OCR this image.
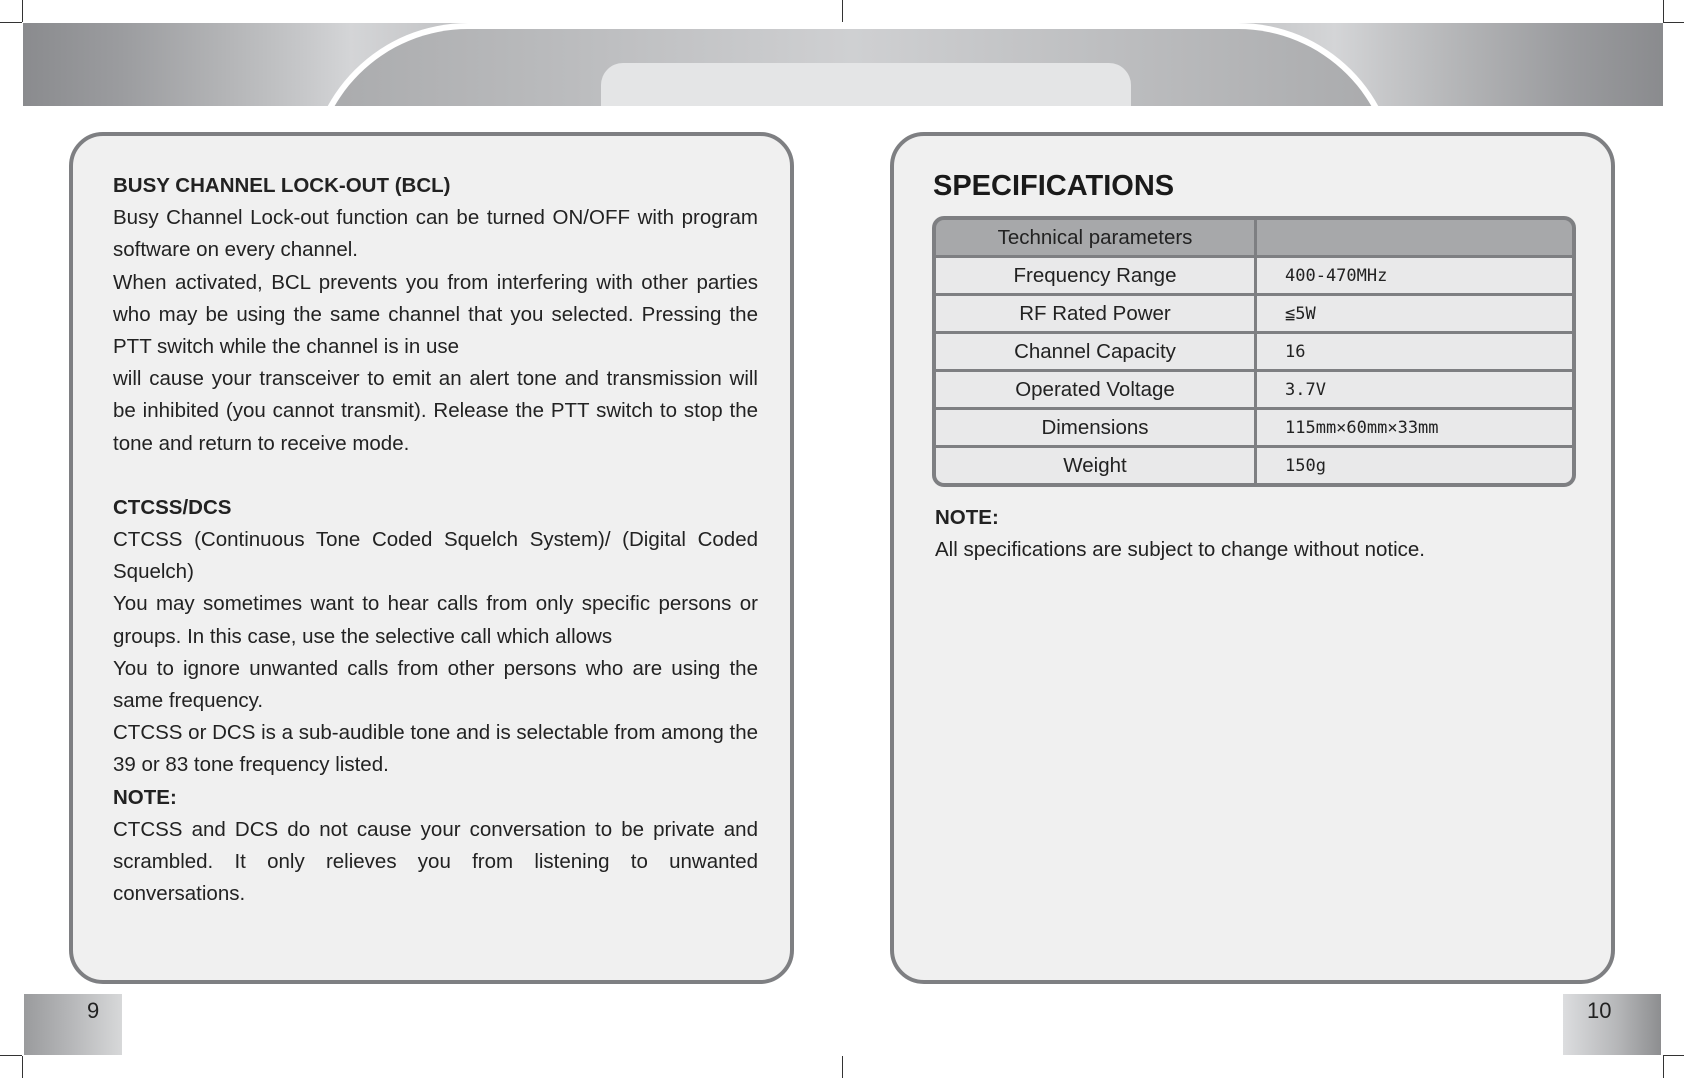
BUSY CHANNEL LOCK-OUT (BCL)

Busy Channel Lock-out function can be turned ON/OFF with program software on every channel.

When activated, BCL prevents you from interfering with other parties who may be using the same channel that you selected. Pressing the PTT switch while the channel is in use

will cause your transceiver to emit an alert tone and transmission will be inhibited (you cannot transmit). Release the PTT switch to stop the tone and return to receive mode.

CTCSS/DCS

CTCSS (Continuous Tone Coded Squelch System)/ (Digital Coded Squelch)

You may sometimes want to hear calls from only specific persons or groups. In this case, use the selective call which allows

You to ignore unwanted calls from other persons who are using the same frequency.

CTCSS or DCS is a sub-audible tone and is selectable from among the 39 or 83 tone frequency listed.

NOTE:

CTCSS and DCS do not cause your conversation to be private and scrambled. It only relieves you from listening to unwanted conversations.

SPECIFICATIONS
Technical parameters
Frequency Range	400-470MHz
RF Rated Power	≦5W
Channel Capacity	16
Operated Voltage	3.7V
Dimensions	115mm×60mm×33mm
Weight	150g
NOTE:
All specifications are subject to change without notice.
9	10
